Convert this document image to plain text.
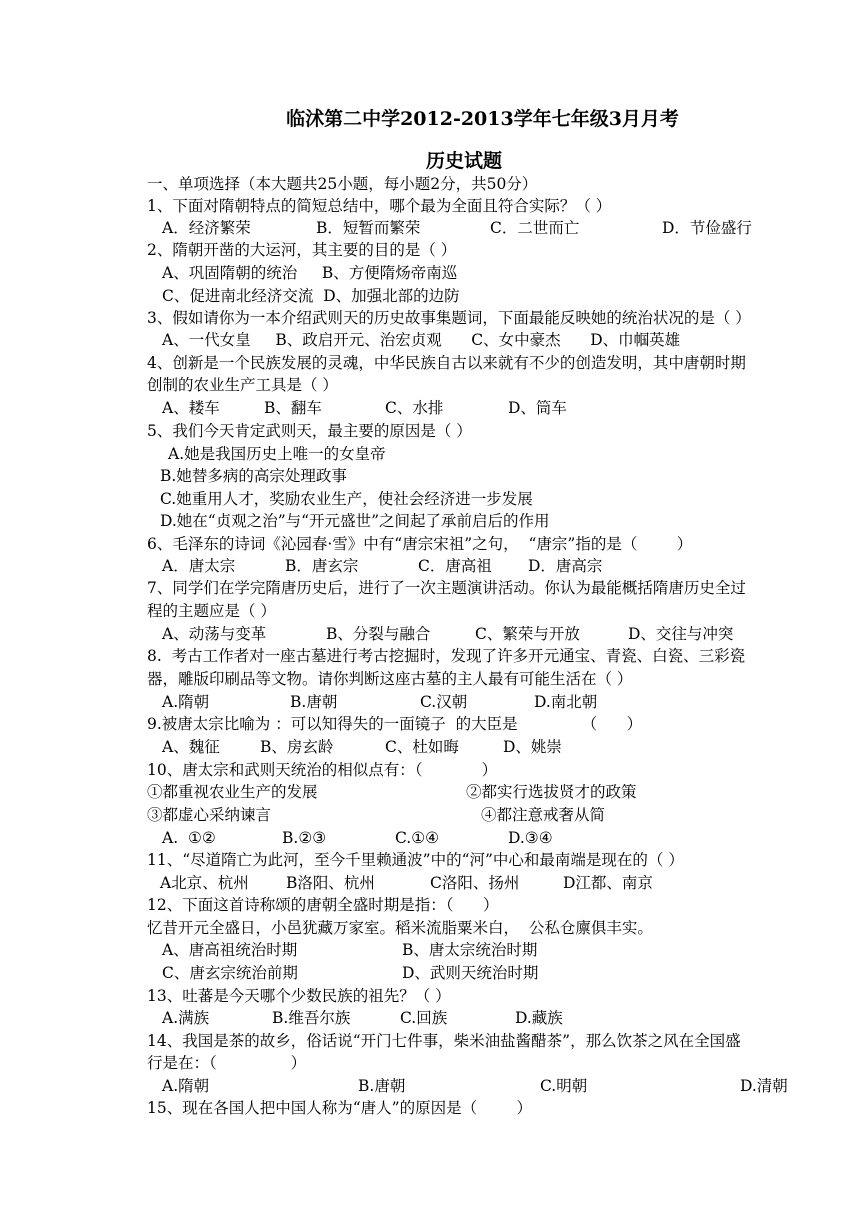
临沭第二中学2012-2013学年七年级3月月考
历史试题
一、单项选择（本大题共25小题，每小题2分，共50分）
1、下面对隋朝特点的简短总结中，哪个最为全面且符合实际？（ ）
A．经济繁荣	B．短暂而繁荣	C．二世而亡	D．节俭盛行
2、隋朝开凿的大运河，其主要的目的是（ ）
A、巩固隋朝的统治     B、方便隋炀帝南巡
C、促进南北经济交流  D、加强北部的边防
3、假如请你为一本介绍武则天的历史故事集题词，下面最能反映她的统治状况的是（ ）
A、一代女皇     B、政启开元、治宏贞观      C、女中豪杰      D、巾帼英雄
4、创新是一个民族发展的灵魂，中华民族自古以来就有不少的创造发明，其中唐朝时期
创制的农业生产工具是（ ）
A、耧车	B、翻车	C、水排	D、筒车
5、我们今天肯定武则天，最主要的原因是（ ）
A.她是我国历史上唯一的女皇帝
B.她替多病的高宗处理政事
C.她重用人才，奖励农业生产，使社会经济进一步发展
D.她在“贞观之治”与“开元盛世”之间起了承前启后的作用
6、毛泽东的诗词《沁园春·雪》中有“唐宗宋祖”之句，  “唐宗”指的是（        ）
A．唐太宗	B．唐玄宗	C．唐高祖 D．唐高宗
7、同学们在学完隋唐历史后，进行了一次主题演讲活动。你认为最能概括隋唐历史全过
程的主题应是（ ）
A、动荡与变革	B、分裂与融合	C、繁荣与开放	D、交往与冲突
8.  考古工作者对一座古墓进行考古挖掘时，发现了许多开元通宝、青瓷、白瓷、三彩瓷
器，雕版印刷品等文物。请你判断这座古墓的主人最有可能生活在（ ）
A.隋朝	B.唐朝	C.汉朝	D.南北朝
9.被唐太宗比喻为 ：可以知得失的一面镜子  的大臣是             （      ）
A、魏征	B、房玄龄	C、杜如晦	D、姚崇
10、唐太宗和武则天统治的相似点有：（            ）
①都重视农业生产的发展	②都实行选拔贤才的政策
③都虚心采纳谏言	④都注意戒奢从简
A.  ①②	B.②③	C.①④	D.③④
11、“尽道隋亡为此河，至今千里赖通波”中的“河”中心和最南端是现在的（ ）
A北京、杭州 B洛阳、杭州	C洛阳、扬州	D江都、南京
12、下面这首诗称颂的唐朝全盛时期是指：（      ）
忆昔开元全盛日，小邑犹藏万家室。稻米流脂粟米白，  公私仓廪俱丰实。
A、唐高祖统治时期	B、唐太宗统治时期
C、唐玄宗统治前期	D、武则天统治时期
13、吐蕃是今天哪个少数民族的祖先？（ ）
A.满族	B.维吾尔族	C.回族	D.藏族
14、我国是茶的故乡，俗话说“开门七件事，柴米油盐酱醋茶”，那么饮茶之风在全国盛
行是在：（               ）
A.隋朝	B.唐朝	C.明朝	D.清朝
15、现在各国人把中国人称为“唐人”的原因是（        ）
